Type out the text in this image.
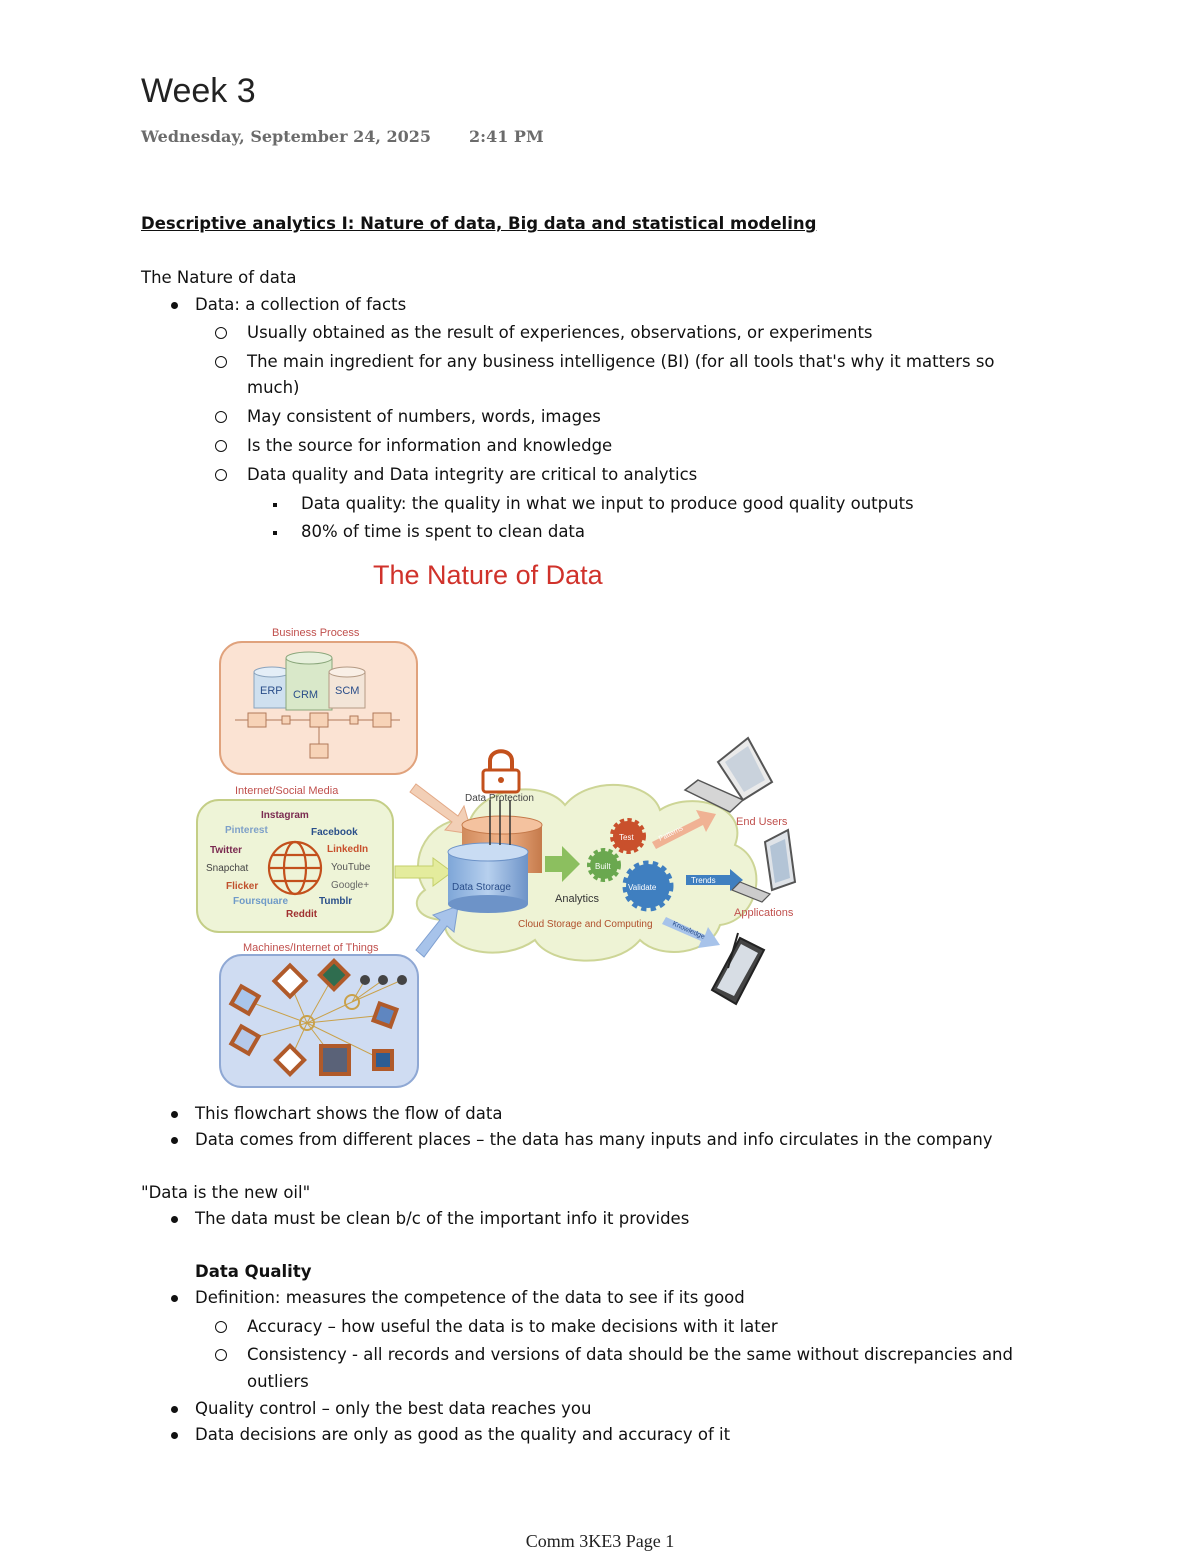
Week 3
Wednesday, September 24, 2025 2:41 PM
Descriptive analytics I: Nature of data, Big data and statistical modeling
The Nature of data
Data: a collection of facts
Usually obtained as the result of experiences, observations, or experiments
The main ingredient for any business intelligence (BI) (for all tools that's why it matters so
much)
May consistent of numbers, words, images
Is the source for information and knowledge
Data quality and Data integrity are critical to analytics
Data quality: the quality in what we input to produce good quality outputs
80% of time is spent to clean data
The Nature of Data
Business Process
ERP CRM SCM
Internet/Social Media
Instagram
Pinterest	Facebook
Twitter	LinkedIn
Snapchat	YouTube
Flicker	Google+
Foursquare	Tumblr
Reddit
Machines/Internet of Things
Data Protection
Data Storage
Analytics
Test
Built
Validate
Cloud Storage and Computing
Patterns
Trends
Knowledge
End Users
Applications
This flowchart shows the flow of data
Data comes from different places – the data has many inputs and info circulates in the company
"Data is the new oil"
The data must be clean b/c of the important info it provides
Data Quality
Definition: measures the competence of the data to see if its good
Accuracy – how useful the data is to make decisions with it later
Consistency - all records and versions of data should be the same without discrepancies and
outliers
Quality control – only the best data reaches you
Data decisions are only as good as the quality and accuracy of it
Comm 3KE3 Page 1
